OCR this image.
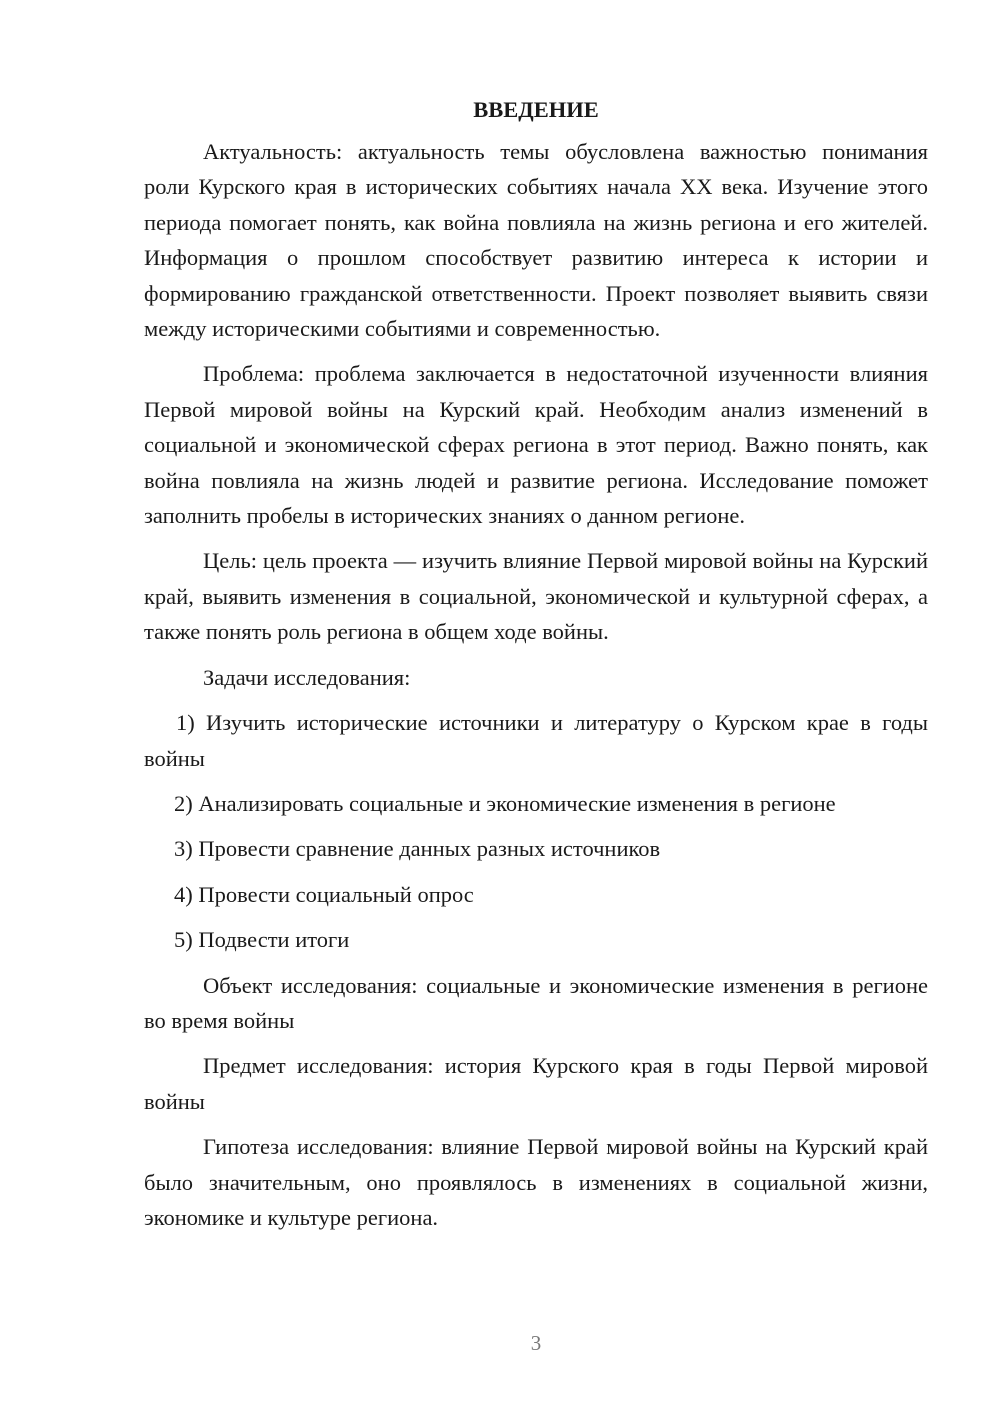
ВВЕДЕНИЕ

Актуальность: актуальность темы обусловлена важностью понимания роли Курского края в исторических событиях начала XX века. Изучение этого периода помогает понять, как война повлияла на жизнь региона и его жителей. Информация о прошлом способствует развитию интереса к истории и формированию гражданской ответственности. Проект позволяет выявить связи между историческими событиями и современностью.

Проблема: проблема заключается в недостаточной изученности влияния Первой мировой войны на Курский край. Необходим анализ изменений в социальной и экономической сферах региона в этот период. Важно понять, как война повлияла на жизнь людей и развитие региона. Исследование поможет заполнить пробелы в исторических знаниях о данном регионе.

Цель: цель проекта — изучить влияние Первой мировой войны на Курский край, выявить изменения в социальной, экономической и культурной сферах, а также понять роль региона в общем ходе войны.

Задачи исследования:

1) Изучить исторические источники и литературу о Курском крае в годы войны

2) Анализировать социальные и экономические изменения в регионе

3) Провести сравнение данных разных источников

4) Провести социальный опрос

5) Подвести итоги

Объект исследования: социальные и экономические изменения в регионе во время войны

Предмет исследования: история Курского края в годы Первой мировой войны

Гипотеза исследования: влияние Первой мировой войны на Курский край было значительным, оно проявлялось в изменениях в социальной жизни, экономике и культуре региона.

3
